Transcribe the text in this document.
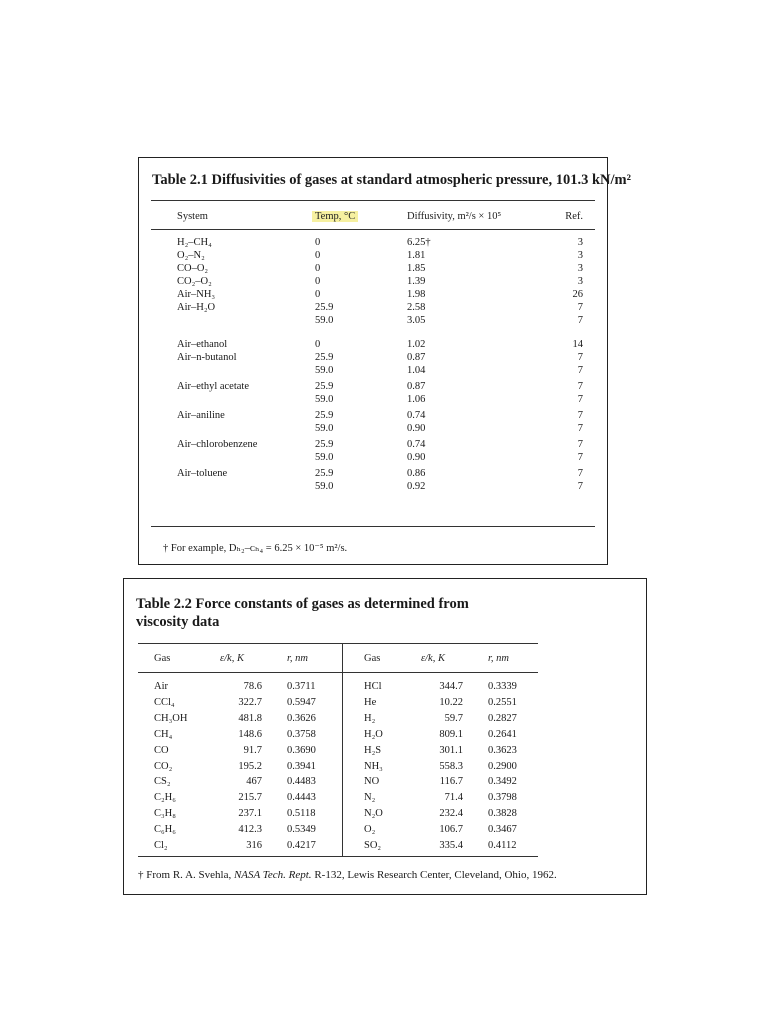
Table 2.1 Diffusivities of gases at standard atmospheric pressure, 101.3 kN/m²
System	Temp, °C	Diffusivity, m²/s × 10⁵	Ref.
H₂–CH₄	0	6.25†	3
O₂–N₂	0	1.81	3
CO–O₂	0	1.85	3
CO₂–O₂	0	1.39	3
Air–NH₃	0	1.98	26
Air–H₂O	25.9	2.58	7
59.0	3.05	7
Air–ethanol	0	1.02	14
Air–n-butanol	25.9	0.87	7
59.0	1.04	7
Air–ethyl acetate	25.9	0.87	7
59.0	1.06	7
Air–aniline	25.9	0.74	7
59.0	0.90	7
Air–chlorobenzene	25.9	0.74	7
59.0	0.90	7
Air–toluene	25.9	0.86	7
59.0	0.92	7
† For example, Dₕ₂–ᴄₕ₄ = 6.25 × 10⁻⁵ m²/s.
Table 2.2 Force constants of gases as determined from
viscosity data
Gas	ε/k, K	r, nm	Gas	ε/k, K	r, nm
Air	78.6 0.3711
CCl₄	322.7 0.5947
CH₃OH	481.8 0.3626
CH₄	148.6 0.3758
CO	91.7 0.3690
CO₂	195.2 0.3941
CS₂	467 0.4483
C₂H₆	215.7 0.4443
C₃H₈	237.1 0.5118
C₆H₆	412.3 0.5349
Cl₂	316 0.4217
HCl	344.7 0.3339
He	10.22 0.2551
H₂	59.7 0.2827
H₂O	809.1 0.2641
H₂S	301.1 0.3623
NH₃	558.3 0.2900
NO	116.7 0.3492
N₂	71.4 0.3798
N₂O	232.4 0.3828
O₂	106.7 0.3467
SO₂	335.4 0.4112
† From R. A. Svehla, NASA Tech. Rept. R-132, Lewis Research Center, Cleveland, Ohio, 1962.
